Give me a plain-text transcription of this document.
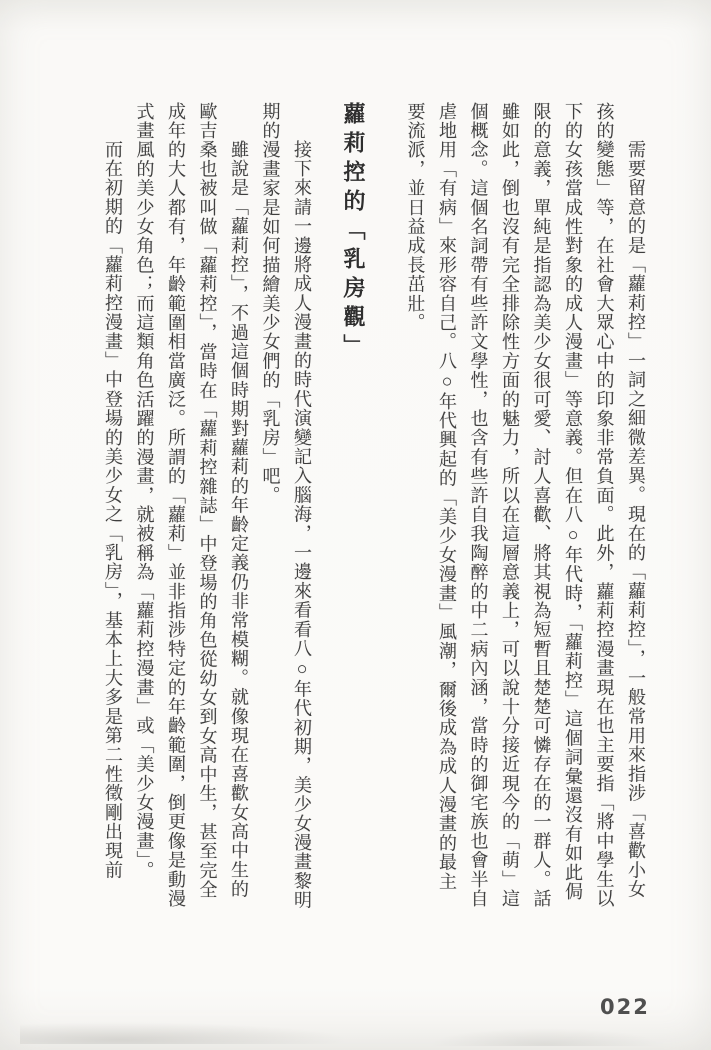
需要留意的是「蘿莉控」一詞之細微差異。現在的「蘿莉控」，一般常用來指涉「喜歡小女孩的變態」等，在社會大眾心中的印象非常負面。此外，蘿莉控漫畫現在也主要指「將中學生以下的女孩當成性對象的成人漫畫」等意義。但在八○年代時，「蘿莉控」這個詞彙還沒有如此侷限的意義，單純是指認為美少女很可愛、討人喜歡、將其視為短暫且楚楚可憐存在的一群人。話雖如此，倒也沒有完全排除性方面的魅力，所以在這層意義上，可以說十分接近現今的「萌」這個概念。這個名詞帶有些許文學性，也含有些許自我陶醉的中二病內涵，當時的御宅族也會半自虐地用「有病」來形容自己。八○年代興起的「美少女漫畫」風潮，爾後成為成人漫畫的最主要流派，並日益成長茁壯。

蘿莉控的「乳房觀」

接下來請一邊將成人漫畫的時代演變記入腦海，一邊來看看八○年代初期，美少女漫畫黎明期的漫畫家是如何描繪美少女們的「乳房」吧。

雖說是「蘿莉控」，不過這個時期對蘿莉的年齡定義仍非常模糊。就像現在喜歡女高中生的歐吉桑也被叫做「蘿莉控」，當時在「蘿莉控雜誌」中登場的角色從幼女到女高中生，甚至完全成年的大人都有，年齡範圍相當廣泛。所謂的「蘿莉」並非指涉特定的年齡範圍，倒更像是動漫式畫風的美少女角色；而這類角色活躍的漫畫，就被稱為「蘿莉控漫畫」或「美少女漫畫」。

而在初期的「蘿莉控漫畫」中登場的美少女之「乳房」，基本上大多是第二性徵剛出現前

022
